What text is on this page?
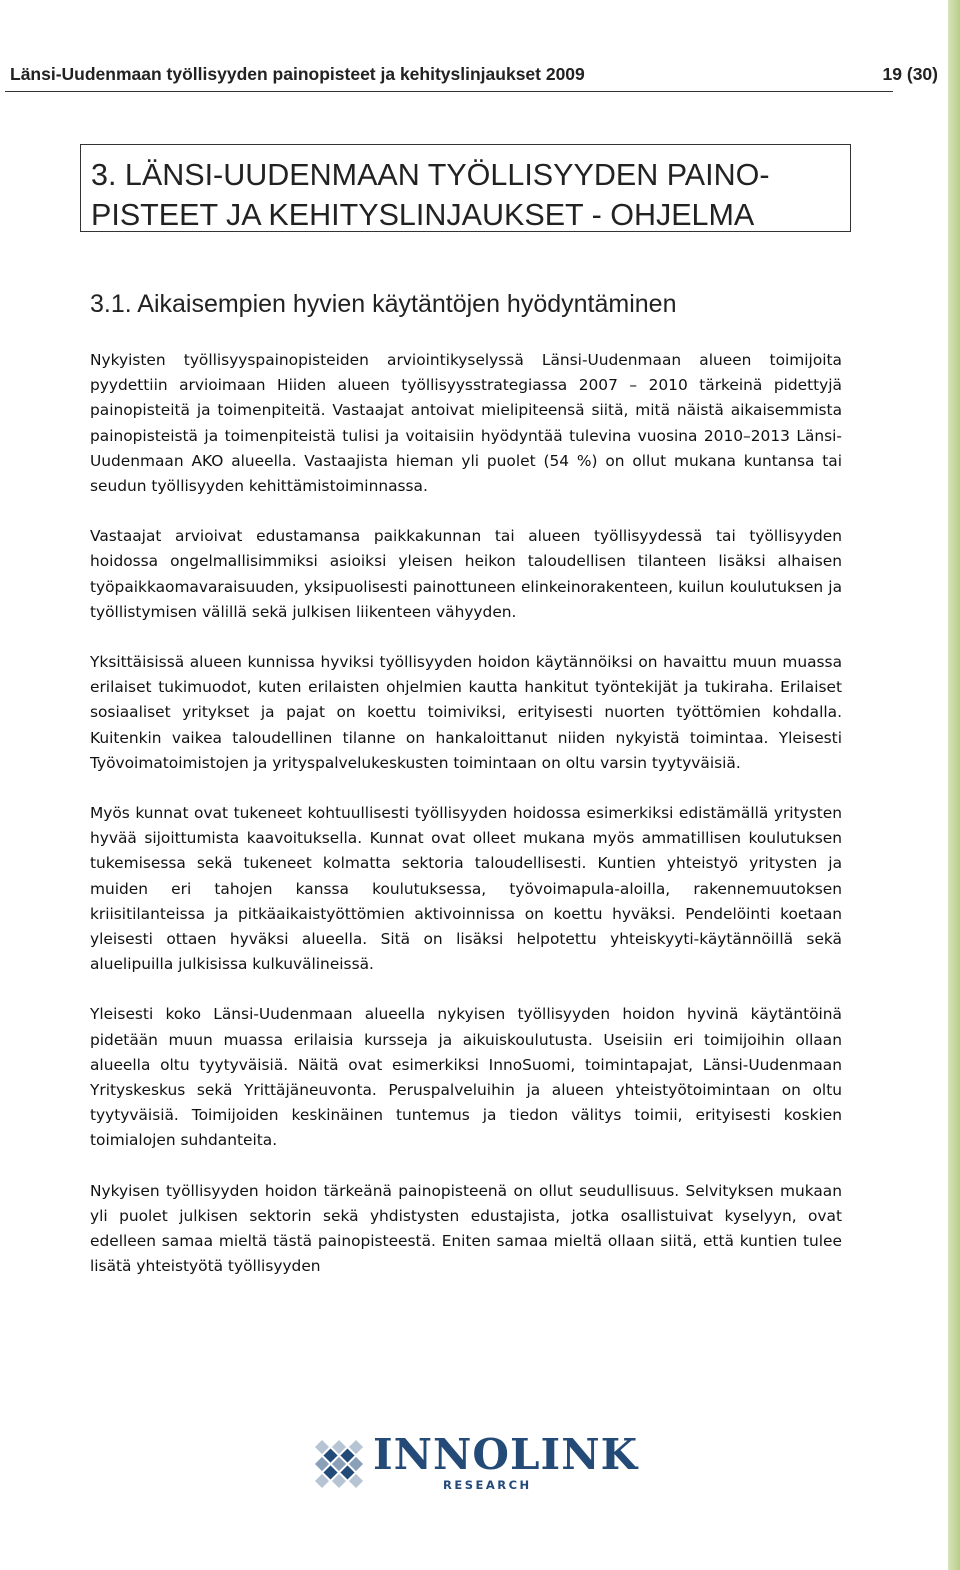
Länsi-Uudenmaan työllisyyden painopisteet ja kehityslinjaukset 2009	19 (30)
3. LÄNSI-UUDENMAAN TYÖLLISYYDEN PAINO-
PISTEET JA KEHITYSLINJAUKSET - OHJELMA
3.1. Aikaisempien hyvien käytäntöjen hyödyntäminen

Nykyisten työllisyyspainopisteiden arviointikyselyssä Länsi-Uudenmaan alueen toimijoita pyydettiin arvioimaan Hiiden alueen työllisyysstrategiassa 2007 – 2010 tärkeinä pidettyjä painopisteitä ja toimenpiteitä. Vastaajat antoivat mielipiteensä siitä, mitä näistä aikaisemmista painopisteistä ja toimenpiteistä tulisi ja voitaisiin hyödyntää tulevina vuosina 2010–2013 Länsi-Uudenmaan AKO alueella. Vastaajista hieman yli puolet (54 %) on ollut mukana kuntansa tai seudun työllisyyden kehittämistoiminnassa.

Vastaajat arvioivat edustamansa paikkakunnan tai alueen työllisyydessä tai työllisyyden hoidossa ongelmallisimmiksi asioiksi yleisen heikon taloudellisen tilanteen lisäksi alhaisen työpaikkaomavaraisuuden, yksipuolisesti painottuneen elinkeinorakenteen, kuilun koulutuksen ja työllistymisen välillä sekä julkisen liikenteen vähyyden.

Yksittäisissä alueen kunnissa hyviksi työllisyyden hoidon käytännöiksi on havaittu muun muassa erilaiset tukimuodot, kuten erilaisten ohjelmien kautta hankitut työntekijät ja tukiraha. Erilaiset sosiaaliset yritykset ja pajat on koettu toimiviksi, erityisesti nuorten työttömien kohdalla. Kuitenkin vaikea taloudellinen tilanne on hankaloittanut niiden nykyistä toimintaa. Yleisesti Työvoimatoimistojen ja yrityspalvelukeskusten toimintaan on oltu varsin tyytyväisiä.

Myös kunnat ovat tukeneet kohtuullisesti työllisyyden hoidossa esimerkiksi edistämällä yritysten hyvää sijoittumista kaavoituksella. Kunnat ovat olleet mukana myös ammatillisen koulutuksen tukemisessa sekä tukeneet kolmatta sektoria taloudellisesti. Kuntien yhteistyö yritysten ja muiden eri tahojen kanssa koulutuksessa, työvoimapula-aloilla, rakennemuutoksen kriisitilanteissa ja pitkäaikaistyöttömien aktivoinnissa on koettu hyväksi. Pendelöinti koetaan yleisesti ottaen hyväksi alueella. Sitä on lisäksi helpotettu yhteiskyyti-käytännöillä sekä aluelipuilla julkisissa kulkuvälineissä.

Yleisesti koko Länsi-Uudenmaan alueella nykyisen työllisyyden hoidon hyvinä käytäntöinä pidetään muun muassa erilaisia kursseja ja aikuiskoulutusta. Useisiin eri toimijoihin ollaan alueella oltu tyytyväisiä. Näitä ovat esimerkiksi InnoSuomi, toimintapajat, Länsi-Uudenmaan Yrityskeskus sekä Yrittäjäneuvonta. Peruspalveluihin ja alueen yhteistyötoimintaan on oltu tyytyväisiä. Toimijoiden keskinäinen tuntemus ja tiedon välitys toimii, erityisesti koskien toimialojen suhdanteita.

Nykyisen työllisyyden hoidon tärkeänä painopisteenä on ollut seudullisuus. Selvityksen mukaan yli puolet julkisen sektorin sekä yhdistysten edustajista, jotka osallistuivat kyselyyn, ovat edelleen samaa mieltä tästä painopisteestä. Eniten samaa mieltä ollaan siitä, että kuntien tulee lisätä yhteistyötä työllisyyden

INNOLINK
RESEARCH
